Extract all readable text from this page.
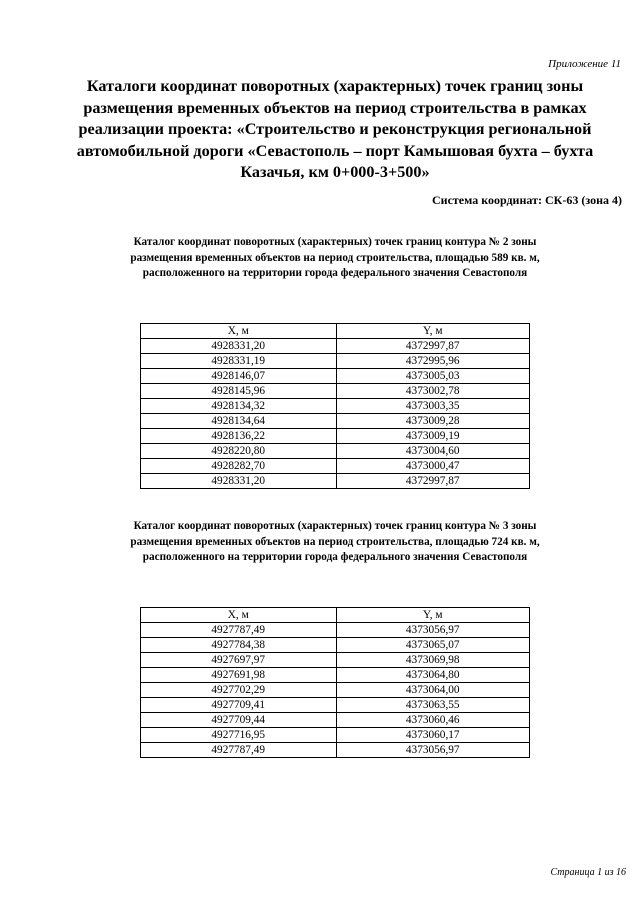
Приложение 11
Каталоги координат поворотных (характерных) точек границ зоны размещения временных объектов на период строительства в рамках реализации проекта: «Строительство и реконструкция региональной автомобильной дороги «Севастополь – порт Камышовая бухта – бухта Казачья, км 0+000-3+500»
Система координат: СК-63 (зона 4)
Каталог координат поворотных (характерных) точек границ контура № 2 зоны размещения временных объектов на период строительства, площадью 589 кв. м, расположенного на территории города федерального значения Севастополя
X, м	Y, м
4928331,20	4372997,87
4928331,19	4372995,96
4928146,07	4373005,03
4928145,96	4373002,78
4928134,32	4373003,35
4928134,64	4373009,28
4928136,22	4373009,19
4928220,80	4373004,60
4928282,70	4373000,47
4928331,20	4372997,87
Каталог координат поворотных (характерных) точек границ контура № 3 зоны размещения временных объектов на период строительства, площадью 724 кв. м, расположенного на территории города федерального значения Севастополя
X, м	Y, м
4927787,49	4373056,97
4927784,38	4373065,07
4927697,97	4373069,98
4927691,98	4373064,80
4927702,29	4373064,00
4927709,41	4373063,55
4927709,44	4373060,46
4927716,95	4373060,17
4927787,49	4373056,97
Страница 1 из 16
